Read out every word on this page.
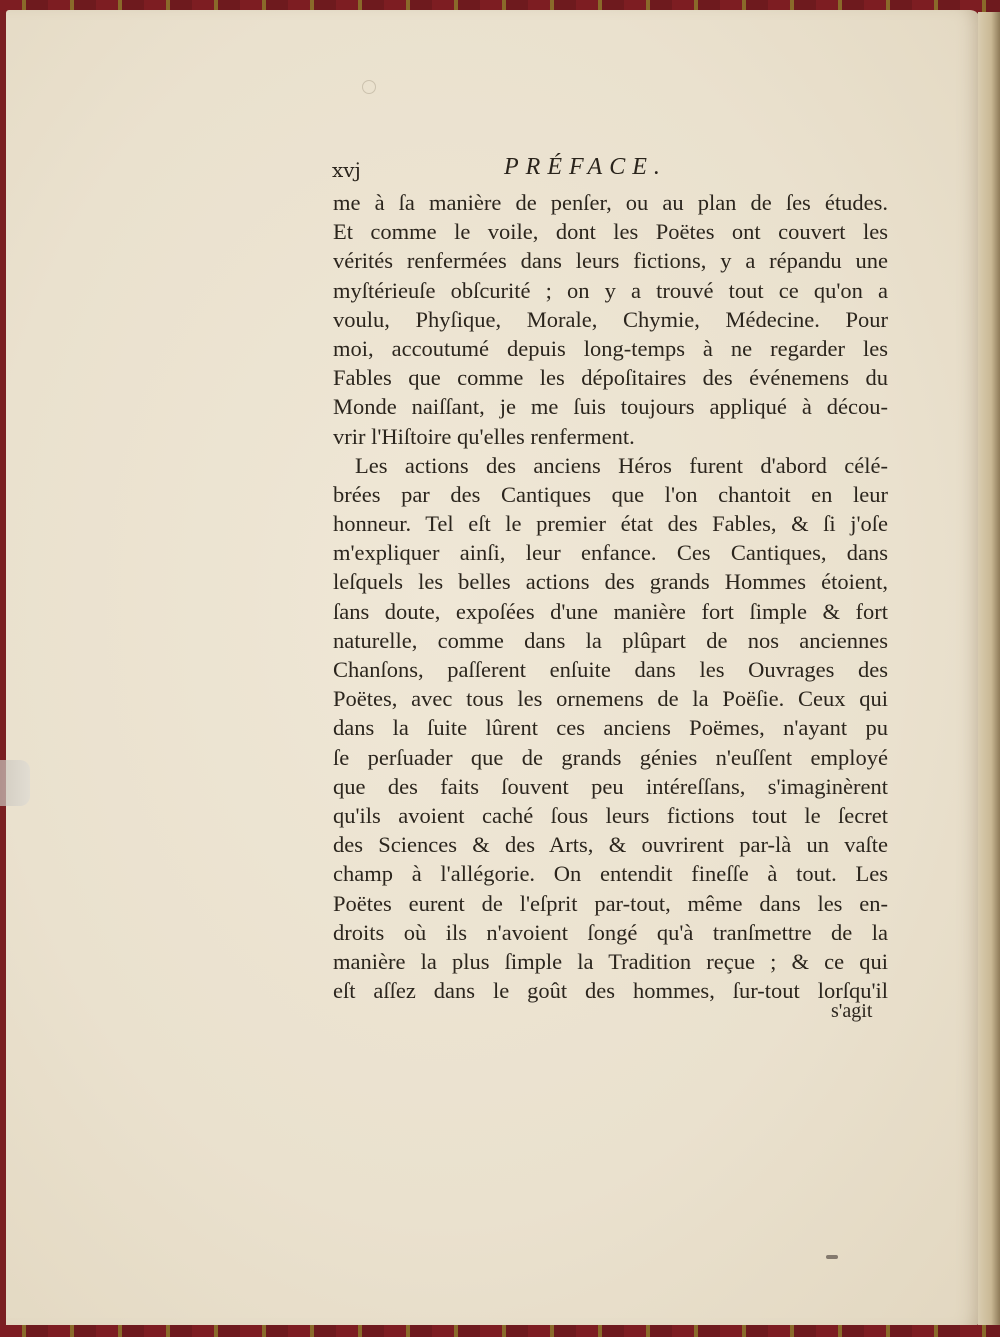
xvj	PRÉFACE.
me à ſa manière de penſer, ou au plan de ſes études.
Et comme le voile, dont les Poëtes ont couvert les
vérités renfermées dans leurs fictions, y a répandu une
myſtérieuſe obſcurité ; on y a trouvé tout ce qu'on a
voulu, Phyſique, Morale, Chymie, Médecine. Pour
moi, accoutumé depuis long-temps à ne regarder les
Fables que comme les dépoſitaires des événemens du
Monde naiſſant, je me ſuis toujours appliqué à décou-
vrir l'Hiſtoire qu'elles renferment.
Les actions des anciens Héros furent d'abord célé-
brées par des Cantiques que l'on chantoit en leur
honneur. Tel eſt le premier état des Fables, & ſi j'oſe
m'expliquer ainſi, leur enfance. Ces Cantiques, dans
leſquels les belles actions des grands Hommes étoient,
ſans doute, expoſées d'une manière fort ſimple & fort
naturelle, comme dans la plûpart de nos anciennes
Chanſons, paſſerent enſuite dans les Ouvrages des
Poëtes, avec tous les ornemens de la Poëſie. Ceux qui
dans la ſuite lûrent ces anciens Poëmes, n'ayant pu
ſe perſuader que de grands génies n'euſſent employé
que des faits ſouvent peu intéreſſans, s'imaginèrent
qu'ils avoient caché ſous leurs fictions tout le ſecret
des Sciences & des Arts, & ouvrirent par-là un vaſte
champ à l'allégorie. On entendit fineſſe à tout. Les
Poëtes eurent de l'eſprit par-tout, même dans les en-
droits où ils n'avoient ſongé qu'à tranſmettre de la
manière la plus ſimple la Tradition reçue ; & ce qui
eſt aſſez dans le goût des hommes, ſur-tout lorſqu'il
s'agit
